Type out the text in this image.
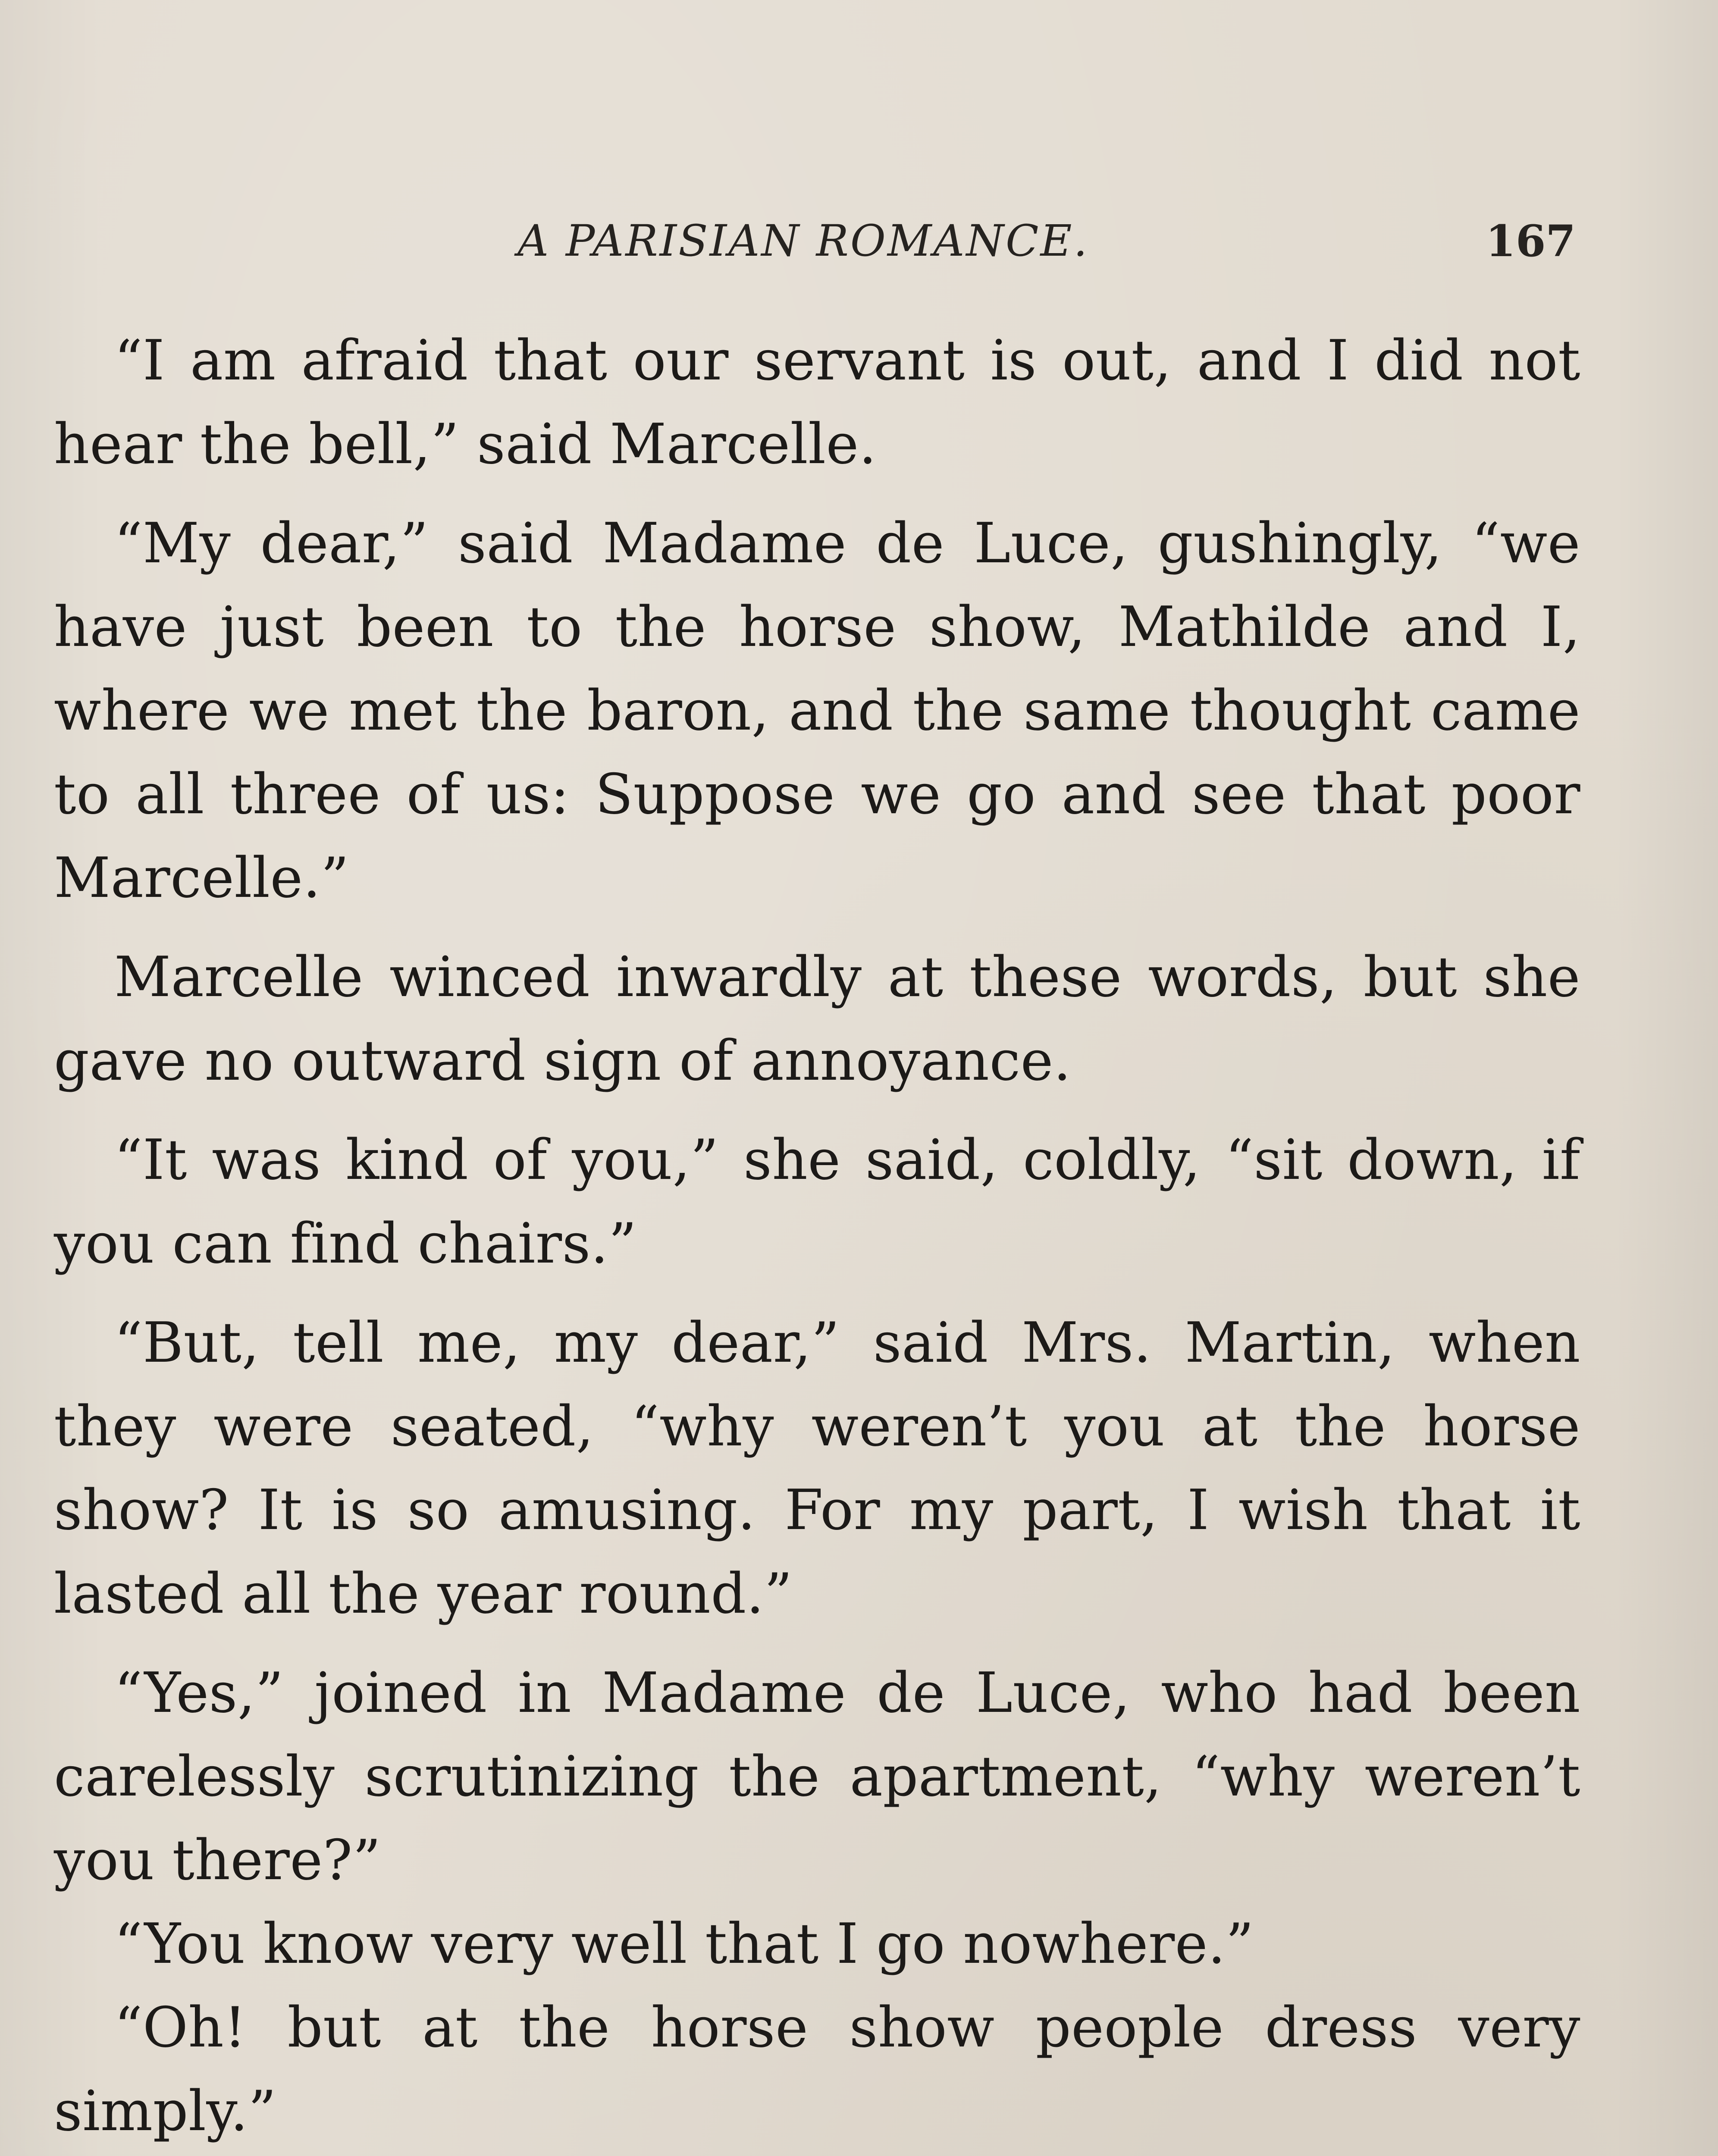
A PARISIAN ROMANCE.	167

“I am afraid that our servant is out, and I did not hear the bell,” said Marcelle.

“My dear,” said Madame de Luce, gushingly, “we have just been to the horse show, Mathilde and I, where we met the baron, and the same thought came to all three of us: Suppose we go and see that poor Marcelle.”

Marcelle winced inwardly at these words, but she gave no outward sign of annoyance.

“It was kind of you,” she said, coldly, “sit down, if you can find chairs.”

“But, tell me, my dear,” said Mrs. Martin, when they were seated, “why weren’t you at the horse show? It is so amusing. For my part, I wish that it lasted all the year round.”

“Yes,” joined in Madame de Luce, who had been carelessly scrutinizing the apartment, “why weren’t you there?”

“You know very well that I go nowhere.”

“Oh! but at the horse show people dress very simply.”
